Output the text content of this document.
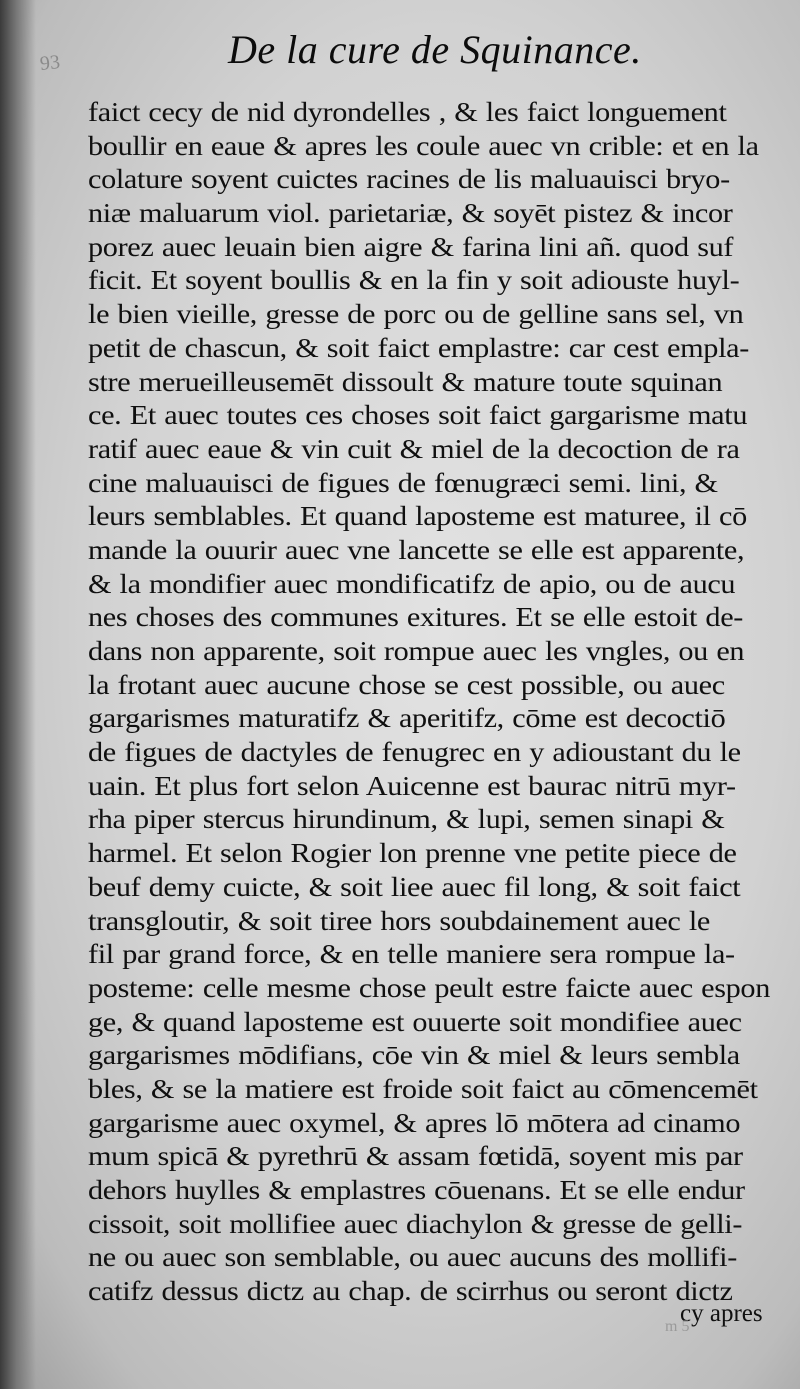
93	De la cure de Squinance.
faict cecy de nid dyrondelles , & les faict longuement
boullir en eaue & apres les coule auec vn crible: et en la
colature soyent cuictes racines de lis maluauisci bryo-
niæ maluarum viol. parietariæ, & soyēt pistez & incor
porez auec leuain bien aigre & farina lini añ. quod suf
ficit. Et soyent boullis & en la fin y soit adiouste huyl-
le bien vieille, gresse de porc ou de gelline sans sel, vn
petit de chascun, & soit faict emplastre: car cest empla-
stre merueilleusemēt dissoult & mature toute squinan
ce. Et auec toutes ces choses soit faict gargarisme matu
ratif auec eaue & vin cuit & miel de la decoction de ra
cine maluauisci de figues de fœnugræci semi. lini, &
leurs semblables. Et quand laposteme est maturee, il cō
mande la ouurir auec vne lancette se elle est apparente,
& la mondifier auec mondificatifz de apio, ou de aucu
nes choses des communes exitures. Et se elle estoit de-
dans non apparente, soit rompue auec les vngles, ou en
la frotant auec aucune chose se cest possible, ou auec
gargarismes maturatifz & aperitifz, cōme est decoctiō
de figues de dactyles de fenugrec en y adioustant du le
uain. Et plus fort selon Auicenne est baurac nitrū myr-
rha piper stercus hirundinum, & lupi, semen sinapi &
harmel. Et selon Rogier lon prenne vne petite piece de
beuf demy cuicte, & soit liee auec fil long, & soit faict
transgloutir, & soit tiree hors soubdainement auec le
fil par grand force, & en telle maniere sera rompue la-
posteme: celle mesme chose peult estre faicte auec espon
ge, & quand laposteme est ouuerte soit mondifiee auec
gargarismes mōdifians, cōe vin & miel & leurs sembla
bles, & se la matiere est froide soit faict au cōmencemēt
gargarisme auec oxymel, & apres lō mōtera ad cinamo
mum spicā & pyrethrū & assam fœtidā, soyent mis par
dehors huylles & emplastres cōuenans. Et se elle endur
cissoit, soit mollifiee auec diachylon & gresse de gelli-
ne ou auec son semblable, ou auec aucuns des mollifi-
catifz dessus dictz au chap. de scirrhus ou seront dictz
cy apres
m 5
